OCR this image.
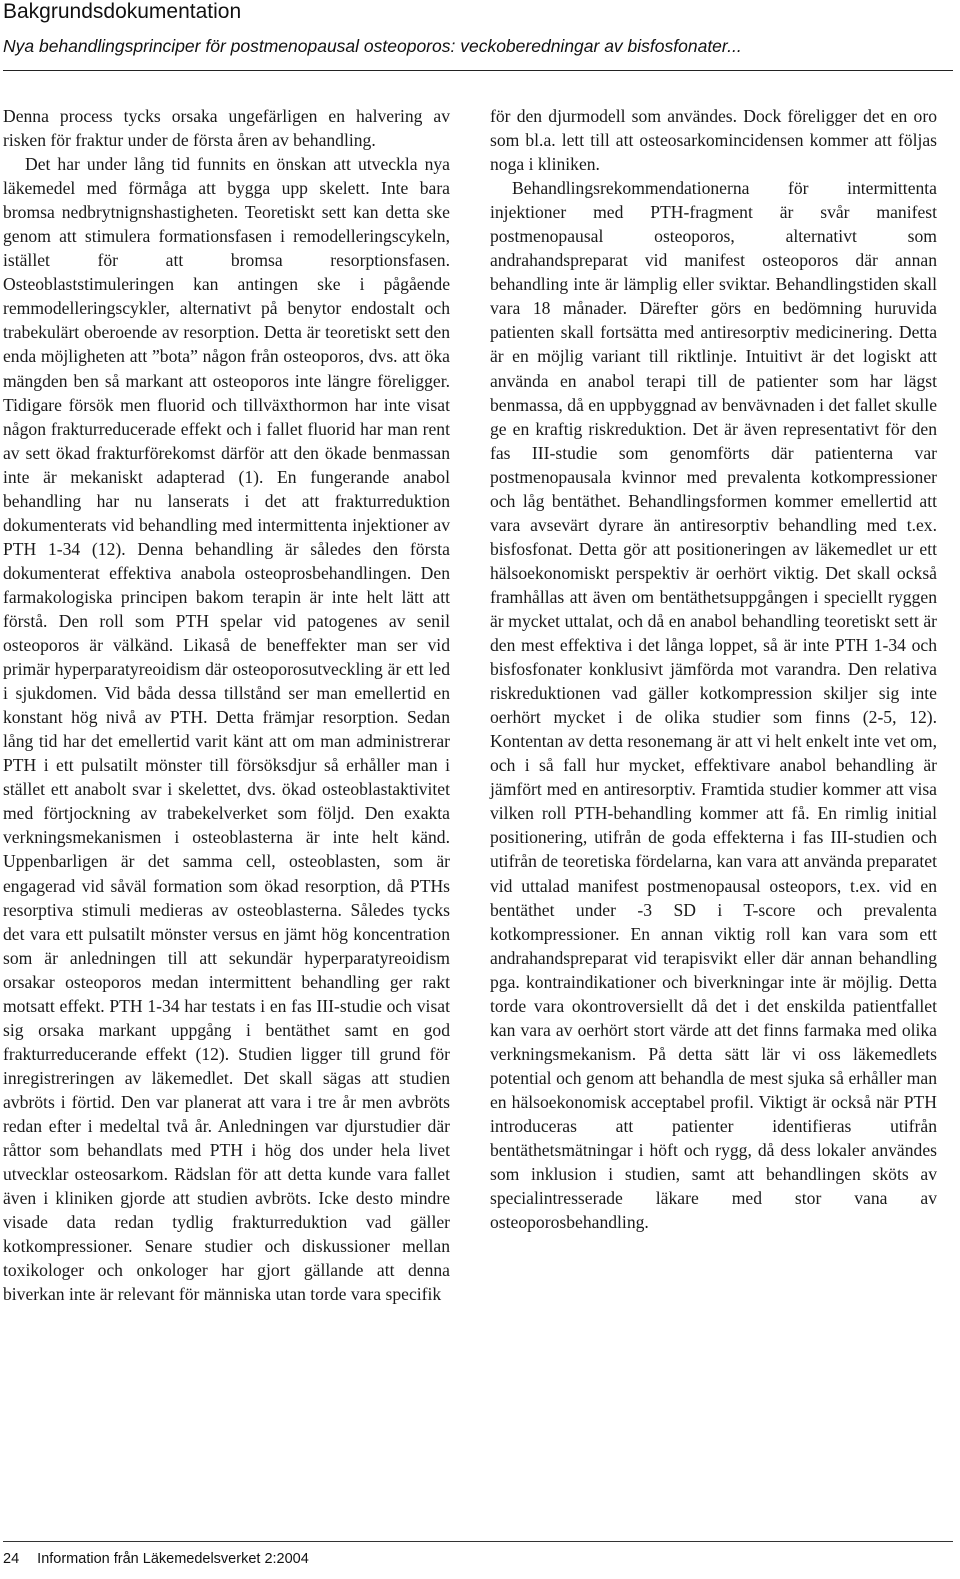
Bakgrundsdokumentation
Nya behandlingsprinciper för postmenopausal osteoporos: veckoberedningar av bisfosfonater...

Denna process tycks orsaka ungefärligen en halvering av risken för fraktur under de första åren av behandling.

Det har under lång tid funnits en önskan att utveckla nya läkemedel med förmåga att bygga upp skelett. Inte bara bromsa nedbrytnignshastigheten. Teoretiskt sett kan detta ske genom att stimulera formationsfasen i remodelleringscykeln, istället för att bromsa resorptionsfasen. Osteoblaststimuleringen kan antingen ske i pågående remmodelleringscykler, alternativt på benytor endostalt och trabekulärt oberoende av resorption. Detta är teoretiskt sett den enda möjligheten att ”bota” någon från osteoporos, dvs. att öka mängden ben så markant att osteoporos inte längre föreligger. Tidigare försök men fluorid och tillväxthormon har inte visat någon frakturreducerade effekt och i fallet fluorid har man rent av sett ökad frakturförekomst därför att den ökade benmassan inte är mekaniskt adapterad (1). En fungerande anabol behandling har nu lanserats i det att frakturreduktion dokumenterats vid behandling med intermittenta injektioner av PTH 1-34 (12). Denna behandling är således den första dokumenterat effektiva anabola osteoprosbehandlingen. Den farmakologiska principen bakom terapin är inte helt lätt att förstå. Den roll som PTH spelar vid patogenes av senil osteoporos är välkänd. Likaså de beneffekter man ser vid primär hyperparatyreoidism där osteoporosutveckling är ett led i sjukdomen. Vid båda dessa tillstånd ser man emellertid en konstant hög nivå av PTH. Detta främjar resorption. Sedan lång tid har det emellertid varit känt att om man administrerar PTH i ett pulsatilt mönster till försöksdjur så erhåller man i stället ett anabolt svar i skelettet, dvs. ökad osteoblastaktivitet med förtjockning av trabekelverket som följd. Den exakta verkningsmekanismen i osteoblasterna är inte helt känd. Uppenbarligen är det samma cell, osteoblasten, som är engagerad vid såväl formation som ökad resorption, då PTHs resorptiva stimuli medieras av osteoblasterna. Således tycks det vara ett pulsatilt mönster versus en jämt hög koncentration som är anledningen till att sekundär hyperparatyreoidism orsakar osteoporos medan intermittent behandling ger rakt motsatt effekt. PTH 1-34 har testats i en fas III-studie och visat sig orsaka markant uppgång i bentäthet samt en god frakturreducerande effekt (12). Studien ligger till grund för inregistreringen av läkemedlet. Det skall sägas att studien avbröts i förtid. Den var planerat att vara i tre år men avbröts redan efter i medeltal två år. Anledningen var djurstudier där råttor som behandlats med PTH i hög dos under hela livet utvecklar osteosarkom. Rädslan för att detta kunde vara fallet även i kliniken gjorde att studien avbröts. Icke desto mindre visade data redan tydlig frakturreduktion vad gäller kotkompressioner. Senare studier och diskussioner mellan toxikologer och onkologer har gjort gällande att denna biverkan inte är relevant för människa utan torde vara specifik

för den djurmodell som användes. Dock föreligger det en oro som bl.a. lett till att osteosarkomincidensen kommer att följas noga i kliniken.

Behandlingsrekommendationerna för intermittenta injektioner med PTH-fragment är svår manifest postmenopausal osteoporos, alternativt som andrahandspreparat vid manifest osteoporos där annan behandling inte är lämplig eller sviktar. Behandlingstiden skall vara 18 månader. Därefter görs en bedömning huruvida patienten skall fortsätta med antiresorptiv medicinering. Detta är en möjlig variant till riktlinje. Intuitivt är det logiskt att använda en anabol terapi till de patienter som har lägst benmassa, då en uppbyggnad av benvävnaden i det fallet skulle ge en kraftig riskreduktion. Det är även representativt för den fas III-studie som genomförts där patienterna var postmenopausala kvinnor med prevalenta kotkompressioner och låg bentäthet. Behandlingsformen kommer emellertid att vara avsevärt dyrare än antiresorptiv behandling med t.ex. bisfosfonat. Detta gör att positioneringen av läkemedlet ur ett hälsoekonomiskt perspektiv är oerhört viktig. Det skall också framhållas att även om bentäthetsuppgången i speciellt ryggen är mycket uttalat, och då en anabol behandling teoretiskt sett är den mest effektiva i det långa loppet, så är inte PTH 1-34 och bisfosfonater konklusivt jämförda mot varandra. Den relativa riskreduktionen vad gäller kotkompression skiljer sig inte oerhört mycket i de olika studier som finns (2-5, 12). Kontentan av detta resonemang är att vi helt enkelt inte vet om, och i så fall hur mycket, effektivare anabol behandling är jämfört med en antiresorptiv. Framtida studier kommer att visa vilken roll PTH-behandling kommer att få. En rimlig initial positionering, utifrån de goda effekterna i fas III-studien och utifrån de teoretiska fördelarna, kan vara att använda preparatet vid uttalad manifest postmenopausal osteopors, t.ex. vid en bentäthet under -3 SD i T-score och prevalenta kotkompressioner. En annan viktig roll kan vara som ett andrahandspreparat vid terapisvikt eller där annan behandling pga. kontraindikationer och biverkningar inte är möjlig. Detta torde vara okontroversiellt då det i det enskilda patientfallet kan vara av oerhört stort värde att det finns farmaka med olika verkningsmekanism. På detta sätt lär vi oss läkemedlets potential och genom att behandla de mest sjuka så erhåller man en hälsoekonomisk acceptabel profil. Viktigt är också när PTH introduceras att patienter identifieras utifrån bentäthetsmätningar i höft och rygg, då dess lokaler användes som inklusion i studien, samt att behandlingen sköts av specialintresserade läkare med stor vana av osteoporosbehandling.

24 Information från Läkemedelsverket 2:2004
